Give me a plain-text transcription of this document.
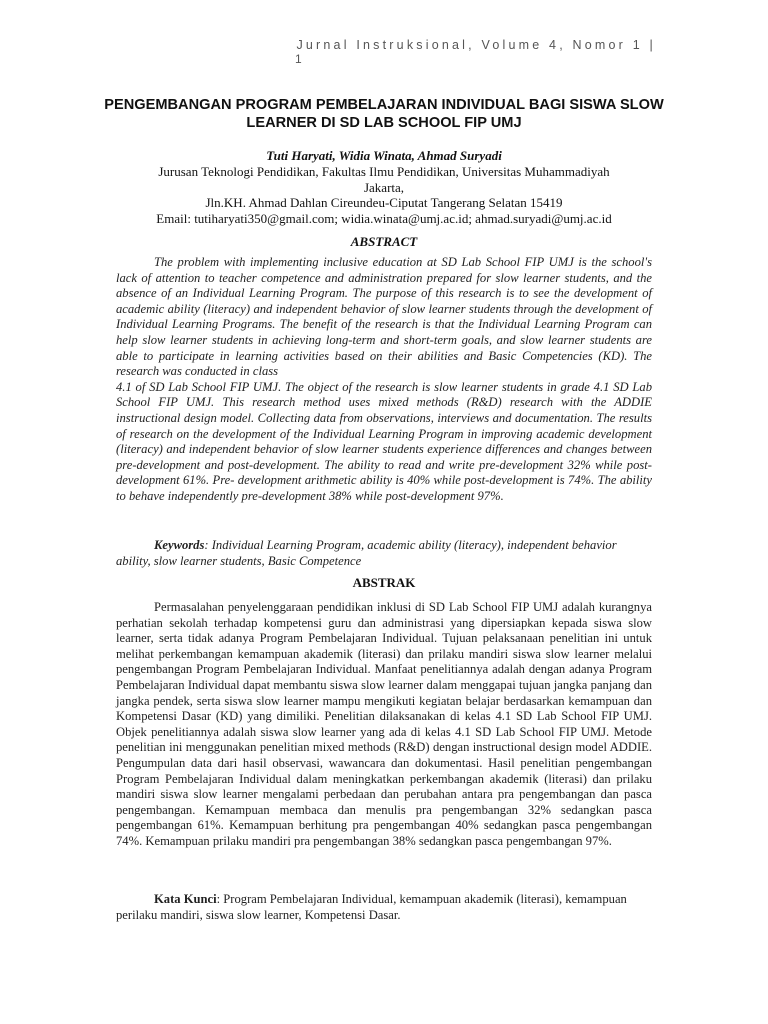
Jurnal Instruksional, Volume 4, Nomor 1 |
1
PENGEMBANGAN PROGRAM PEMBELAJARAN INDIVIDUAL BAGI SISWA SLOW LEARNER DI SD LAB SCHOOL FIP UMJ
Tuti Haryati, Widia Winata, Ahmad Suryadi
Jurusan Teknologi Pendidikan, Fakultas Ilmu Pendidikan, Universitas Muhammadiyah
Jakarta,
Jln.KH. Ahmad Dahlan Cireundeu-Ciputat Tangerang Selatan 15419
Email: tutiharyati350@gmail.com; widia.winata@umj.ac.id; ahmad.suryadi@umj.ac.id
ABSTRACT

The problem with implementing inclusive education at SD Lab School FIP UMJ is the school's lack of attention to teacher competence and administration prepared for slow learner students, and the absence of an Individual Learning Program. The purpose of this research is to see the development of academic ability (literacy) and independent behavior of slow learner students through the development of Individual Learning Programs. The benefit of the research is that the Individual Learning Program can help slow learner students in achieving long-term and short-term goals, and slow learner students are able to participate in learning activities based on their abilities and Basic Competencies (KD). The research was conducted in class

4.1 of SD Lab School FIP UMJ. The object of the research is slow learner students in grade 4.1 SD Lab School FIP UMJ. This research method uses mixed methods (R&D) research with the ADDIE instructional design model. Collecting data from observations, interviews and documentation. The results of research on the development of the Individual Learning Program in improving academic development (literacy) and independent behavior of slow learner students experience differences and changes between pre-development and post-development. The ability to read and write pre-development 32% while post-development 61%. Pre- development arithmetic ability is 40% while post-development is 74%. The ability to behave independently pre-development 38% while post-development 97%.

Keywords: Individual Learning Program, academic ability (literacy), independent behavior ability, slow learner students, Basic Competence
ABSTRAK

Permasalahan penyelenggaraan pendidikan inklusi di SD Lab School FIP UMJ adalah kurangnya perhatian sekolah terhadap kompetensi guru dan administrasi yang dipersiapkan kepada siswa slow learner, serta tidak adanya Program Pembelajaran Individual. Tujuan pelaksanaan penelitian ini untuk melihat perkembangan kemampuan akademik (literasi) dan prilaku mandiri siswa slow learner melalui pengembangan Program Pembelajaran Individual. Manfaat penelitiannya adalah dengan adanya Program Pembelajaran Individual dapat membantu siswa slow learner dalam menggapai tujuan jangka panjang dan jangka pendek, serta siswa slow learner mampu mengikuti kegiatan belajar berdasarkan kemampuan dan Kompetensi Dasar (KD) yang dimiliki. Penelitian dilaksanakan di kelas 4.1 SD Lab School FIP UMJ. Objek penelitiannya adalah siswa slow learner yang ada di kelas 4.1 SD Lab School FIP UMJ. Metode penelitian ini menggunakan penelitian mixed methods (R&D) dengan instructional design model ADDIE. Pengumpulan data dari hasil observasi, wawancara dan dokumentasi. Hasil penelitian pengembangan Program Pembelajaran Individual dalam meningkatkan perkembangan akademik (literasi) dan prilaku mandiri siswa slow learner mengalami perbedaan dan perubahan antara pra pengembangan dan pasca pengembangan. Kemampuan membaca dan menulis pra pengembangan 32% sedangkan pasca pengembangan 61%. Kemampuan berhitung pra pengembangan 40% sedangkan pasca pengembangan 74%. Kemampuan prilaku mandiri pra pengembangan 38% sedangkan pasca pengembangan 97%.

Kata Kunci: Program Pembelajaran Individual, kemampuan akademik (literasi), kemampuan perilaku mandiri, siswa slow learner, Kompetensi Dasar.
